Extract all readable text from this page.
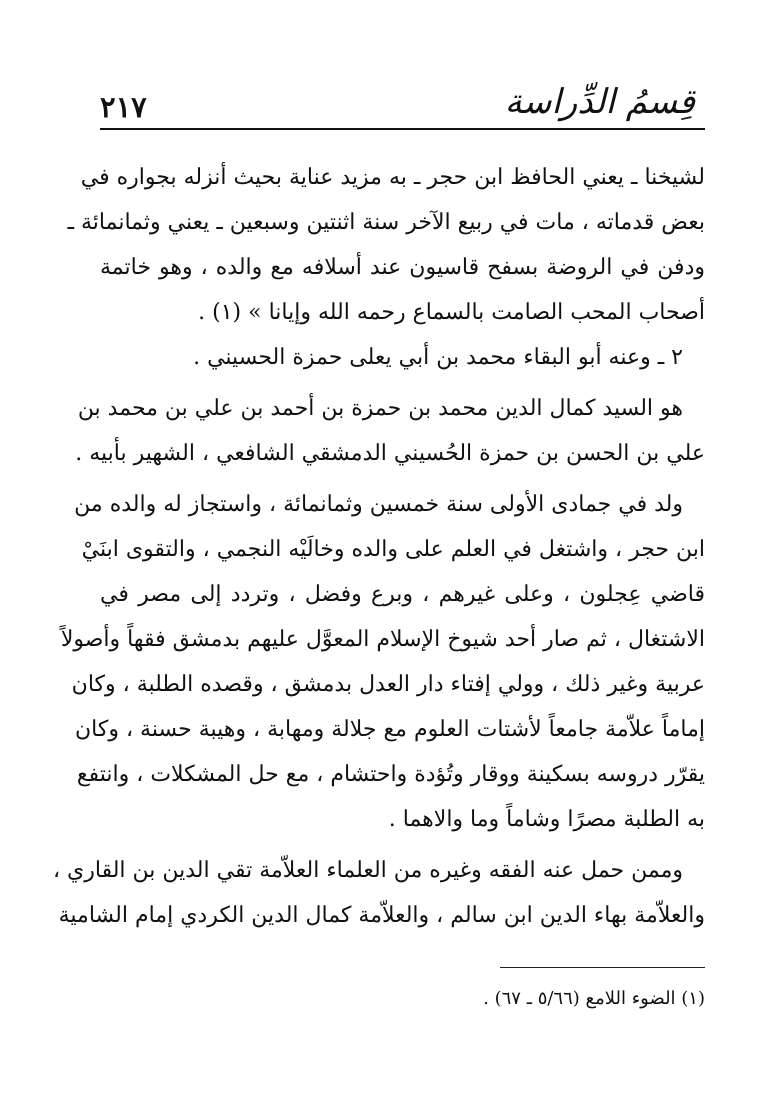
قِسمُ الدِّراسة
٢١٧
لشيخنا ـ يعني الحافظ ابن حجر ـ به مزيد عناية بحيث أنزله بجواره في
بعض قدماته ، مات في ربيع الآخر سنة اثنتين وسبعين ـ يعني وثمانمائة ـ
ودفن في الروضة بسفح قاسيون عند أسلافه مع والده ، وهو خاتمة
أصحاب المحب الصامت بالسماع رحمه الله وإيانا » (١) .
٢ ـ وعنه أبو البقاء محمد بن أبي يعلى حمزة الحسيني .
هو السيد كمال الدين محمد بن حمزة بن أحمد بن علي بن محمد بن
علي بن الحسن بن حمزة الحُسيني الدمشقي الشافعي ، الشهير بأبيه .
ولد في جمادى الأولى سنة خمسين وثمانمائة ، واستجاز له والده من
ابن حجر ، واشتغل في العلم على والده وخالَيْه النجمي ، والتقوى ابنَيْ
قاضي عِجلون ، وعلى غيرهم ، وبرع وفضل ، وتردد إلى مصر في
الاشتغال ، ثم صار أحد شيوخ الإسلام المعوَّل عليهم بدمشق فقهاً وأصولاً
عربية وغير ذلك ، وولي إفتاء دار العدل بدمشق ، وقصده الطلبة ، وكان
إماماً علاّمة جامعاً لأشتات العلوم مع جلالة ومهابة ، وهيبة حسنة ، وكان
يقرّر دروسه بسكينة ووقار وتُؤدة واحتشام ، مع حل المشكلات ، وانتفع
به الطلبة مصرًا وشاماً وما والاهما .
وممن حمل عنه الفقه وغيره من العلماء العلاّمة تقي الدين بن القاري ،
والعلاّمة بهاء الدين ابن سالم ، والعلاّمة كمال الدين الكردي إمام الشامية
(١) الضوء اللامع (٥/٦٦ ـ ٦٧) .
